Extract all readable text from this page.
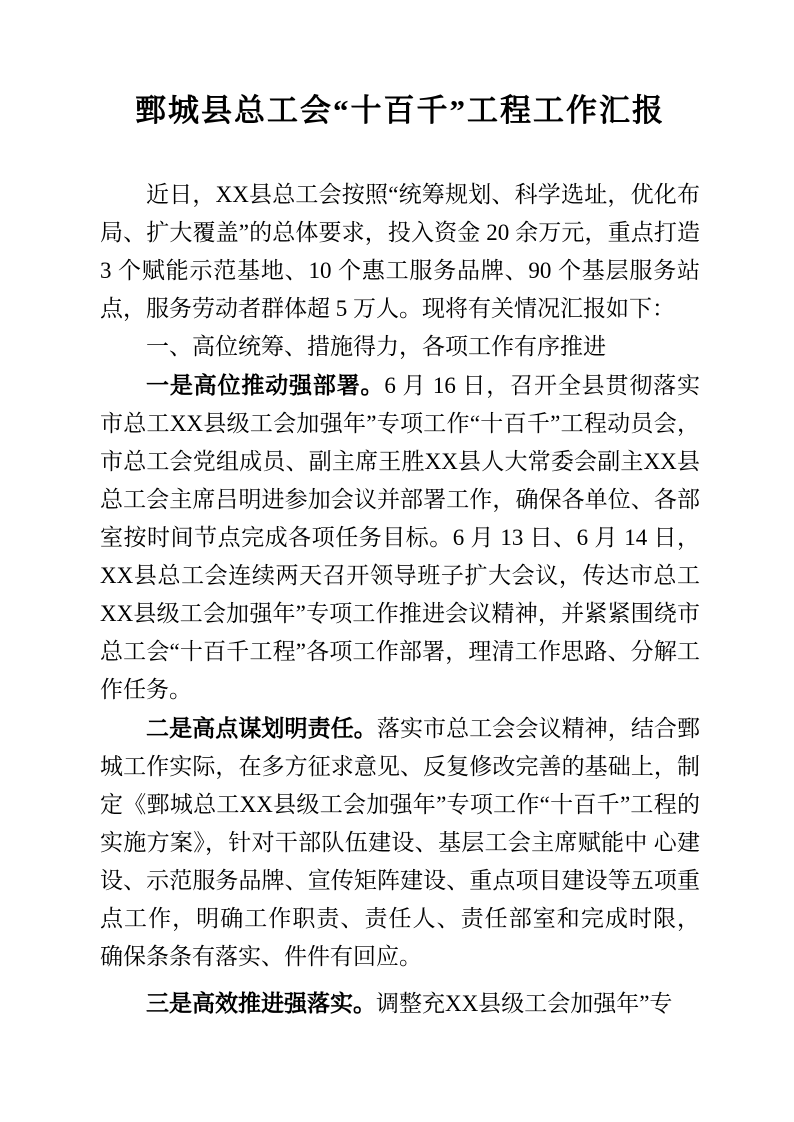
鄄城县总工会“十百千”工程工作汇报

近日，XX县总工会按照“统筹规划、科学选址，优化布局、扩大覆盖”的总体要求，投入资金 20 余万元，重点打造 3 个赋能示范基地、10 个惠工服务品牌、90 个基层服务站点，服务劳动者群体超 5 万人。现将有关情况汇报如下：

一、高位统筹、措施得力，各项工作有序推进

一是高位推动强部署。6 月 16 日，召开全县贯彻落实市总工XX县级工会加强年”专项工作“十百千”工程动员会，市总工会党组成员、副主席王胜XX县人大常委会副主XX县总工会主席吕明进参加会议并部署工作，确保各单位、各部室按时间节点完成各项任务目标。6 月 13 日、6 月 14 日，XX县总工会连续两天召开领导班子扩大会议，传达市总工XX县级工会加强年”专项工作推进会议精神，并紧紧围绕市总工会“十百千工程”各项工作部署，理清工作思路、分解工作任务。

二是高点谋划明责任。落实市总工会会议精神，结合鄄城工作实际，在多方征求意见、反复修改完善的基础上，制定《鄄城总工XX县级工会加强年”专项工作“十百千”工程的实施方案》，针对干部队伍建设、基层工会主席赋能中 心建设、示范服务品牌、宣传矩阵建设、重点项目建设等五项重点工作，明确工作职责、责任人、责任部室和完成时限， 确保条条有落实、件件有回应。

三是高效推进强落实。调整充XX县级工会加强年”专
